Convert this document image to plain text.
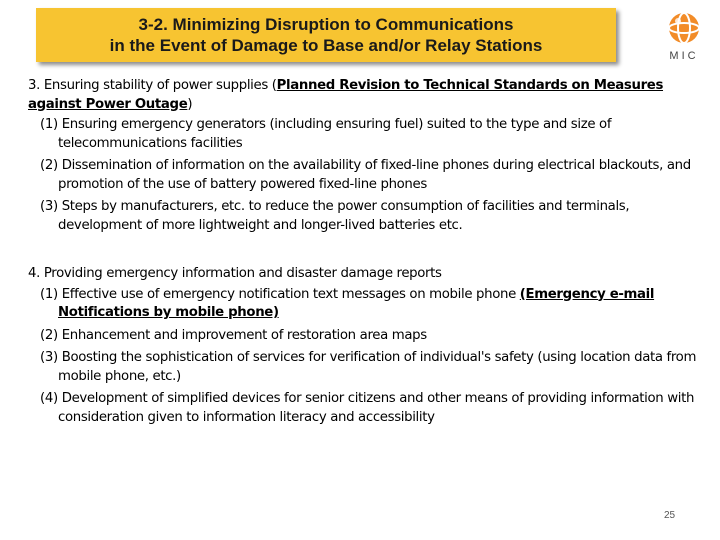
3-2. Minimizing Disruption to Communications
in the Event of Damage to Base and/or Relay Stations
MIC

3. Ensuring stability of power supplies (Planned Revision to Technical Standards on Measures against Power Outage)

(1) Ensuring emergency generators (including ensuring fuel) suited to the type and size of telecommunications facilities
(2) Dissemination of information on the availability of fixed-line phones during electrical blackouts, and promotion of the use of battery powered fixed-line phones
(3) Steps by manufacturers, etc. to reduce the power consumption of facilities and terminals, development of more lightweight and longer-lived batteries etc.

4. Providing emergency information and disaster damage reports

(1) Effective use of emergency notification text messages on mobile phone (Emergency e-mail Notifications by mobile phone)
(2) Enhancement and improvement of restoration area maps
(3) Boosting the sophistication of services for verification of individual's safety (using location data from mobile phone, etc.)
(4) Development of simplified devices for senior citizens and other means of providing information with consideration given to information literacy and accessibility
25
